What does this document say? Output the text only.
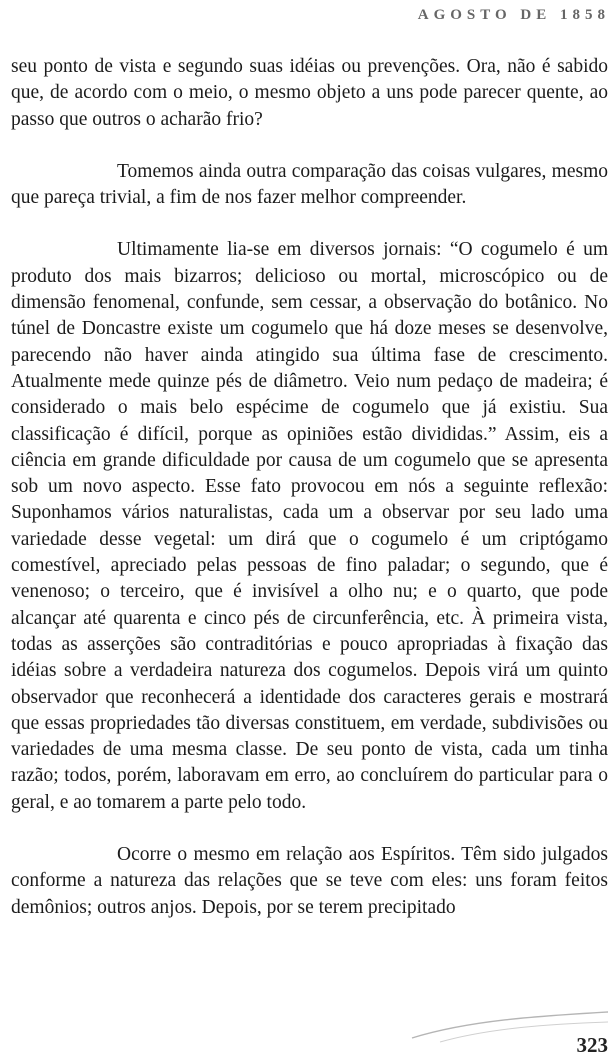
AGOSTO DE 1858

seu ponto de vista e segundo suas idéias ou prevenções. Ora, não é sabido que, de acordo com o meio, o mesmo objeto a uns pode parecer quente, ao passo que outros o acharão frio?

Tomemos ainda outra comparação das coisas vulgares, mesmo que pareça trivial, a fim de nos fazer melhor compreender.

Ultimamente lia-se em diversos jornais: “O cogumelo é um produto dos mais bizarros; delicioso ou mortal, microscópico ou de dimensão fenomenal, confunde, sem cessar, a observação do botânico. No túnel de Doncastre existe um cogumelo que há doze meses se desenvolve, parecendo não haver ainda atingido sua última fase de crescimento. Atualmente mede quinze pés de diâmetro. Veio num pedaço de madeira; é considerado o mais belo espécime de cogumelo que já existiu. Sua classificação é difícil, porque as opiniões estão divididas.” Assim, eis a ciência em grande dificuldade por causa de um cogumelo que se apresenta sob um novo aspecto. Esse fato provocou em nós a seguinte reflexão: Suponhamos vários naturalistas, cada um a observar por seu lado uma variedade desse vegetal: um dirá que o cogumelo é um criptógamo comestível, apreciado pelas pessoas de fino paladar; o segundo, que é venenoso; o terceiro, que é invisível a olho nu; e o quarto, que pode alcançar até quarenta e cinco pés de circunferência, etc. À primeira vista, todas as asserções são contraditórias e pouco apropriadas à fixação das idéias sobre a verdadeira natureza dos cogumelos. Depois virá um quinto observador que reconhecerá a identidade dos caracteres gerais e mostrará que essas propriedades tão diversas constituem, em verdade, subdivisões ou variedades de uma mesma classe. De seu ponto de vista, cada um tinha razão; todos, porém, laboravam em erro, ao concluírem do particular para o geral, e ao tomarem a parte pelo todo.

Ocorre o mesmo em relação aos Espíritos. Têm sido julgados conforme a natureza das relações que se teve com eles: uns foram feitos demônios; outros anjos. Depois, por se terem precipitado

323
